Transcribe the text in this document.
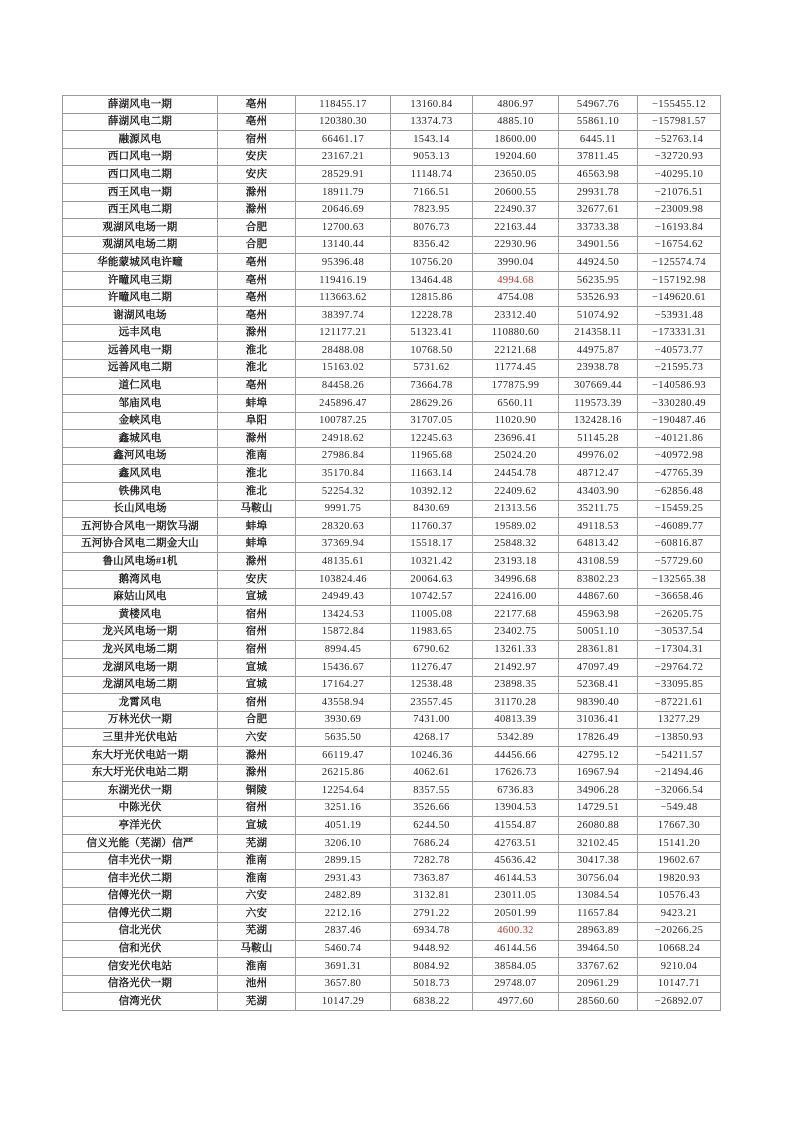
薛湖风电一期	亳州	118455.17	13160.84	4806.97	54967.76	−155455.12
薛湖风电二期	亳州	120380.30	13374.73	4885.10	55861.10	−157981.57
融源风电	宿州	66461.17	1543.14	18600.00	6445.11	−52763.14
西口风电一期	安庆	23167.21	9053.13	19204.60	37811.45	−32720.93
西口风电二期	安庆	28529.91	11148.74	23650.05	46563.98	−40295.10
西王风电一期	滁州	18911.79	7166.51	20600.55	29931.78	−21076.51
西王风电二期	滁州	20646.69	7823.95	22490.37	32677.61	−23009.98
观湖风电场一期	合肥	12700.63	8076.73	22163.44	33733.38	−16193.84
观湖风电场二期	合肥	13140.44	8356.42	22930.96	34901.56	−16754.62
华能蒙城风电许疃	亳州	95396.48	10756.20	3990.04	44924.50	−125574.74
许疃风电三期	亳州	119416.19	13464.48	4994.68	56235.95	−157192.98
许疃风电二期	亳州	113663.62	12815.86	4754.08	53526.93	−149620.61
谢湖风电场	亳州	38397.74	12228.78	23312.40	51074.92	−53931.48
远丰风电	滁州	121177.21	51323.41	110880.60	214358.11	−173331.31
远善风电一期	淮北	28488.08	10768.50	22121.68	44975.87	−40573.77
远善风电二期	淮北	15163.02	5731.62	11774.45	23938.78	−21595.73
道仁风电	亳州	84458.26	73664.78	177875.99	307669.44	−140586.93
邹庙风电	蚌埠	245896.47	28629.26	6560.11	119573.39	−330280.49
金峡风电	阜阳	100787.25	31707.05	11020.90	132428.16	−190487.46
鑫城风电	滁州	24918.62	12245.63	23696.41	51145.28	−40121.86
鑫河风电场	淮南	27986.84	11965.68	25024.20	49976.02	−40972.98
鑫风风电	淮北	35170.84	11663.14	24454.78	48712.47	−47765.39
铁佛风电	淮北	52254.32	10392.12	22409.62	43403.90	−62856.48
长山风电场	马鞍山	9991.75	8430.69	21313.56	35211.75	−15459.25
五河协合风电一期饮马湖	蚌埠	28320.63	11760.37	19589.02	49118.53	−46089.77
五河协合风电二期金大山	蚌埠	37369.94	15518.17	25848.32	64813.42	−60816.87
鲁山风电场#1机	滁州	48135.61	10321.42	23193.18	43108.59	−57729.60
鹅湾风电	安庆	103824.46	20064.63	34996.68	83802.23	−132565.38
麻姑山风电	宣城	24949.43	10742.57	22416.00	44867.60	−36658.46
黄楼风电	宿州	13424.53	11005.08	22177.68	45963.98	−26205.75
龙兴风电场一期	宿州	15872.84	11983.65	23402.75	50051.10	−30537.54
龙兴风电场二期	宿州	8994.45	6790.62	13261.33	28361.81	−17304.31
龙湖风电场一期	宣城	15436.67	11276.47	21492.97	47097.49	−29764.72
龙湖风电场二期	宣城	17164.27	12538.48	23898.35	52368.41	−33095.85
龙霄风电	宿州	43558.94	23557.45	31170.28	98390.40	−87221.61
万林光伏一期	合肥	3930.69	7431.00	40813.39	31036.41	13277.29
三里井光伏电站	六安	5635.50	4268.17	5342.89	17826.49	−13850.93
东大圩光伏电站一期	滁州	66119.47	10246.36	44456.66	42795.12	−54211.57
东大圩光伏电站二期	滁州	26215.86	4062.61	17626.73	16967.94	−21494.46
东湖光伏一期	铜陵	12254.64	8357.55	6736.83	34906.28	−32066.54
中陈光伏	宿州	3251.16	3526.66	13904.53	14729.51	−549.48
亭洋光伏	宣城	4051.19	6244.50	41554.87	26080.88	17667.30
信义光能（芜湖）信严	芜湖	3206.10	7686.24	42763.51	32102.45	15141.20
信丰光伏一期	淮南	2899.15	7282.78	45636.42	30417.38	19602.67
信丰光伏二期	淮南	2931.43	7363.87	46144.53	30756.04	19820.93
信傅光伏一期	六安	2482.89	3132.81	23011.05	13084.54	10576.43
信傅光伏二期	六安	2212.16	2791.22	20501.99	11657.84	9423.21
信北光伏	芜湖	2837.46	6934.78	4600.32	28963.89	−20266.25
信和光伏	马鞍山	5460.74	9448.92	46144.56	39464.50	10668.24
信安光伏电站	淮南	3691.31	8084.92	38584.05	33767.62	9210.04
信洛光伏一期	池州	3657.80	5018.73	29748.07	20961.29	10147.71
信湾光伏	芜湖	10147.29	6838.22	4977.60	28560.60	−26892.07
